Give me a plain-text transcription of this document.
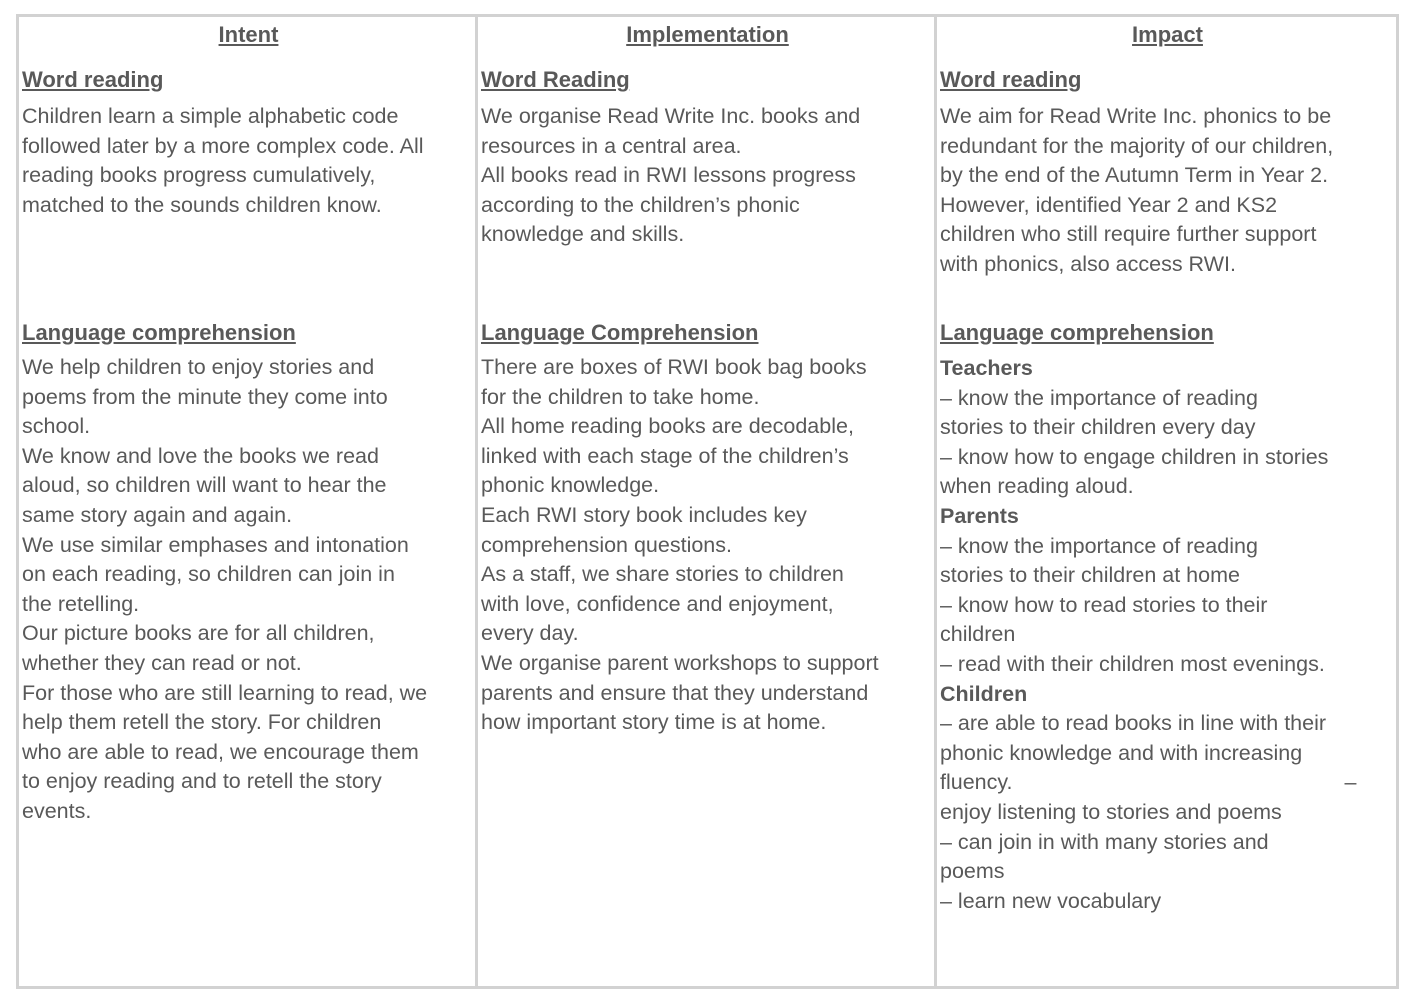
Intent
Word reading
Children learn a simple alphabetic code
followed later by a more complex code. All
reading books progress cumulatively,
matched to the sounds children know.
Language comprehension
We help children to enjoy stories and
poems from the minute they come into
school.
We know and love the books we read
aloud, so children will want to hear the
same story again and again.
We use similar emphases and intonation
on each reading, so children can join in
the retelling.
Our picture books are for all children,
whether they can read or not.
For those who are still learning to read, we
help them retell the story. For children
who are able to read, we encourage them
to enjoy reading and to retell the story
events.
Implementation
Word Reading
We organise Read Write Inc. books and
resources in a central area.
All books read in RWI lessons progress
according to the children’s phonic
knowledge and skills.
Language Comprehension
There are boxes of RWI book bag books
for the children to take home.
All home reading books are decodable,
linked with each stage of the children’s
phonic knowledge.
Each RWI story book includes key
comprehension questions.
As a staff, we share stories to children
with love, confidence and enjoyment,
every day.
We organise parent workshops to support
parents and ensure that they understand
how important story time is at home.
Impact
Word reading
We aim for Read Write Inc. phonics to be
redundant for the majority of our children,
by the end of the Autumn Term in Year 2.
However, identified Year 2 and KS2
children who still require further support
with phonics, also access RWI.
Language comprehension
Teachers
– know the importance of reading
stories to their children every day
– know how to engage children in stories
when reading aloud.
Parents
– know the importance of reading
stories to their children at home
– know how to read stories to their
children
– read with their children most evenings.
Children
– are able to read books in line with their
phonic knowledge and with increasing
fluency.	–
enjoy listening to stories and poems
– can join in with many stories and
poems
– learn new vocabulary
